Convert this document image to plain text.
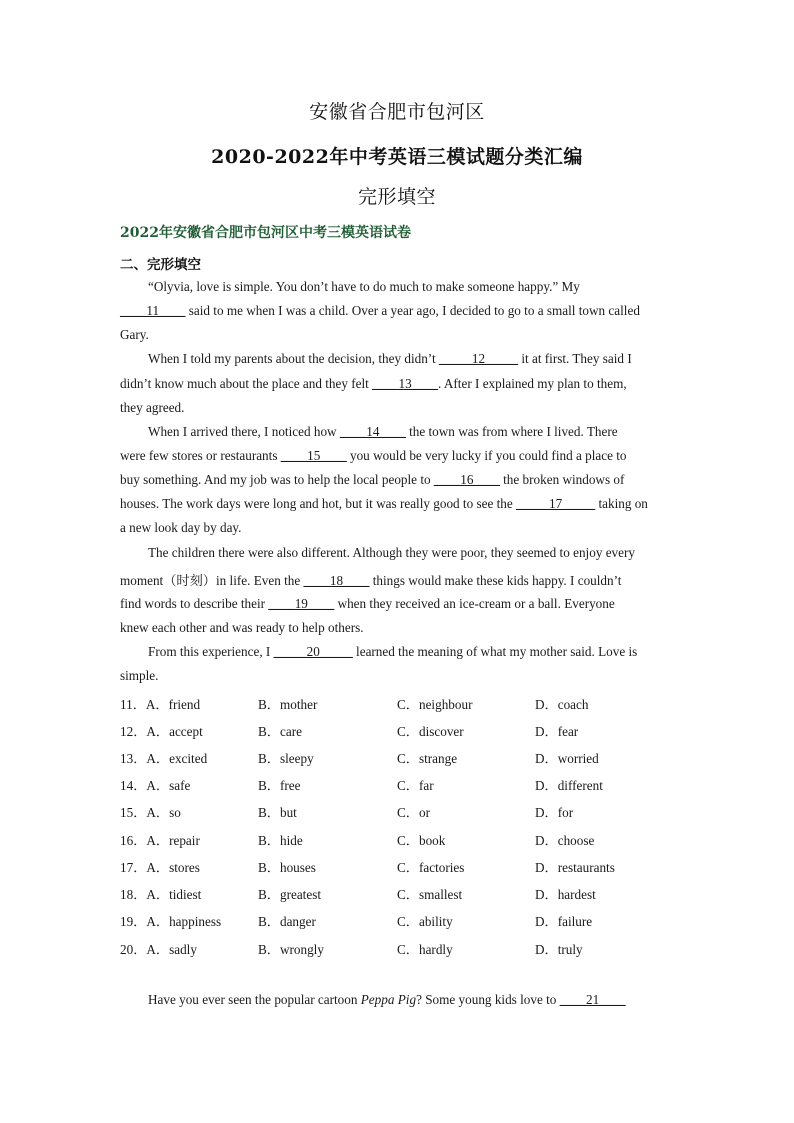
安徽省合肥市包河区
2020-2022年中考英语三模试题分类汇编
完形填空
2022年安徽省合肥市包河区中考三模英语试卷
二、完形填空
“Olyvia, love is simple. You don’t have to do much to make someone happy.” My
____11____ said to me when I was a child. Over a year ago, I decided to go to a small town called
Gary.
When I told my parents about the decision, they didn’t _____12_____ it at first. They said I
didn’t know much about the place and they felt ____13____. After I explained my plan to them,
they agreed.
When I arrived there, I noticed how ____14____ the town was from where I lived. There
were few stores or restaurants ____15____ you would be very lucky if you could find a place to
buy something. And my job was to help the local people to ____16____ the broken windows of
houses. The work days were long and hot, but it was really good to see the _____17_____ taking on
a new look day by day.
The children there were also different. Although they were poor, they seemed to enjoy every
moment（时刻）in life. Even the ____18____ things would make these kids happy. I couldn’t
find words to describe their ____19____ when they received an ice-cream or a ball. Everyone
knew each other and was ready to help others.
From this experience, I _____20_____ learned the meaning of what my mother said. Love is
simple.
11．A．friend	B．mother	C．neighbour	D．coach
12．A．accept	B．care	C．discover	D．fear
13．A．excited	B．sleepy	C．strange	D．worried
14．A．safe	B．free	C．far	D．different
15．A．so	B．but	C．or	D．for
16．A．repair	B．hide	C．book	D．choose
17．A．stores	B．houses	C．factories	D．restaurants
18．A．tidiest	B．greatest	C．smallest	D．hardest
19．A．happiness	B．danger	C．ability	D．failure
20．A．sadly	B．wrongly	C．hardly	D．truly
Have you ever seen the popular cartoon Peppa Pig? Some young kids love to ____21____
